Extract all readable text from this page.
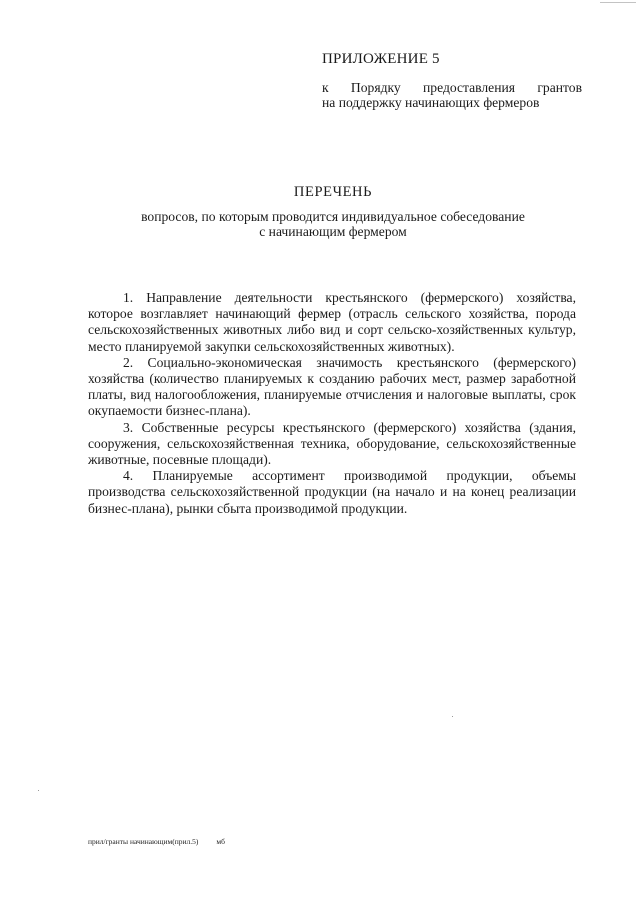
ПРИЛОЖЕНИЕ 5
к Порядку предоставления грантов
на поддержку начинающих фермеров
ПЕРЕЧЕНЬ
вопросов, по которым проводится индивидуальное собеседование
с начинающим фермером

1. Направление деятельности крестьянского (фермерского) хозяйства, которое возглавляет начинающий фермер (отрасль сельского хозяйства, порода сельскохозяйственных животных либо вид и сорт сельско-хозяйственных культур, место планируемой закупки сельскохозяйственных животных).

2. Социально-экономическая значимость крестьянского (фермерского) хозяйства (количество планируемых к созданию рабочих мест, размер заработной платы, вид налогообложения, планируемые отчисления и налоговые выплаты, срок окупаемости бизнес-плана).

3. Собственные ресурсы крестьянского (фермерского) хозяйства (здания, сооружения, сельскохозяйственная техника, оборудование, сельскохозяйственные животные, посевные площади).

4. Планируемые ассортимент производимой продукции, объемы производства сельскохозяйственной продукции (на начало и на конец реализации бизнес-плана), рынки сбыта производимой продукции.

прил/гранты начинающим(прил.5) мб
